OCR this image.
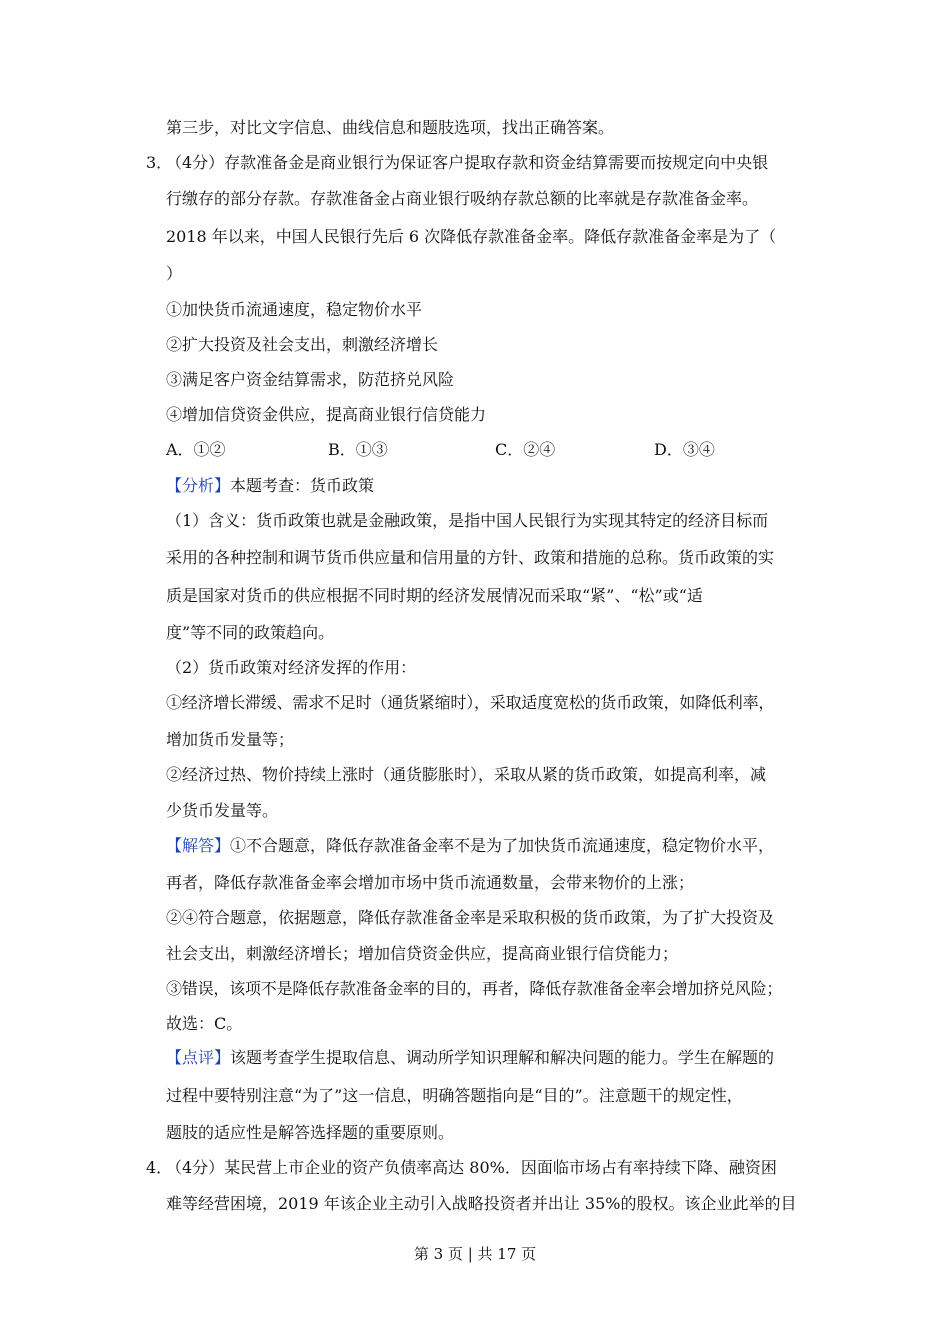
第三步，对比文字信息、曲线信息和题肢选项，找出正确答案。
3．
（4分）存款准备金是商业银行为保证客户提取存款和资金结算需要而按规定向中央银
行缴存的部分存款。存款准备金占商业银行吸纳存款总额的比率就是存款准备金率。
2018 年以来，中国人民银行先后 6 次降低存款准备金率。降低存款准备金率是为了（
）
①加快货币流通速度，稳定物价水平
②扩大投资及社会支出，刺激经济增长
③满足客户资金结算需求，防范挤兑风险
④增加信贷资金供应，提高商业银行信贷能力
A．①②	B．①③	C．②④	D．③④
【分析】本题考查：货币政策
（1）含义：货币政策也就是金融政策，是指中国人民银行为实现其特定的经济目标而
采用的各种控制和调节货币供应量和信用量的方针、政策和措施的总称。货币政策的实
质是国家对货币的供应根据不同时期的经济发展情况而采取“紧”、“松”或“适
度”等不同的政策趋向。
（2）货币政策对经济发挥的作用：
①经济增长滞缓、需求不足时（通货紧缩时），采取适度宽松的货币政策，如降低利率，
增加货币发量等；
②经济过热、物价持续上涨时（通货膨胀时），采取从紧的货币政策，如提高利率，减
少货币发量等。
【解答】①不合题意，降低存款准备金率不是为了加快货币流通速度，稳定物价水平，
再者，降低存款准备金率会增加市场中货币流通数量，会带来物价的上涨；
②④符合题意，依据题意，降低存款准备金率是采取积极的货币政策，为了扩大投资及
社会支出，刺激经济增长；增加信贷资金供应，提高商业银行信贷能力；
③错误，该项不是降低存款准备金率的目的，再者，降低存款准备金率会增加挤兑风险；
故选：C。
【点评】该题考查学生提取信息、调动所学知识理解和解决问题的能力。学生在解题的
过程中要特别注意“为了”这一信息，明确答题指向是“目的”。注意题干的规定性，
题肢的适应性是解答选择题的重要原则。
4．
（4分）某民营上市企业的资产负债率高达 80%．因面临市场占有率持续下降、融资困
难等经营困境，2019 年该企业主动引入战略投资者并出让 35%的股权。该企业此举的目
第 3 页 | 共 17 页
